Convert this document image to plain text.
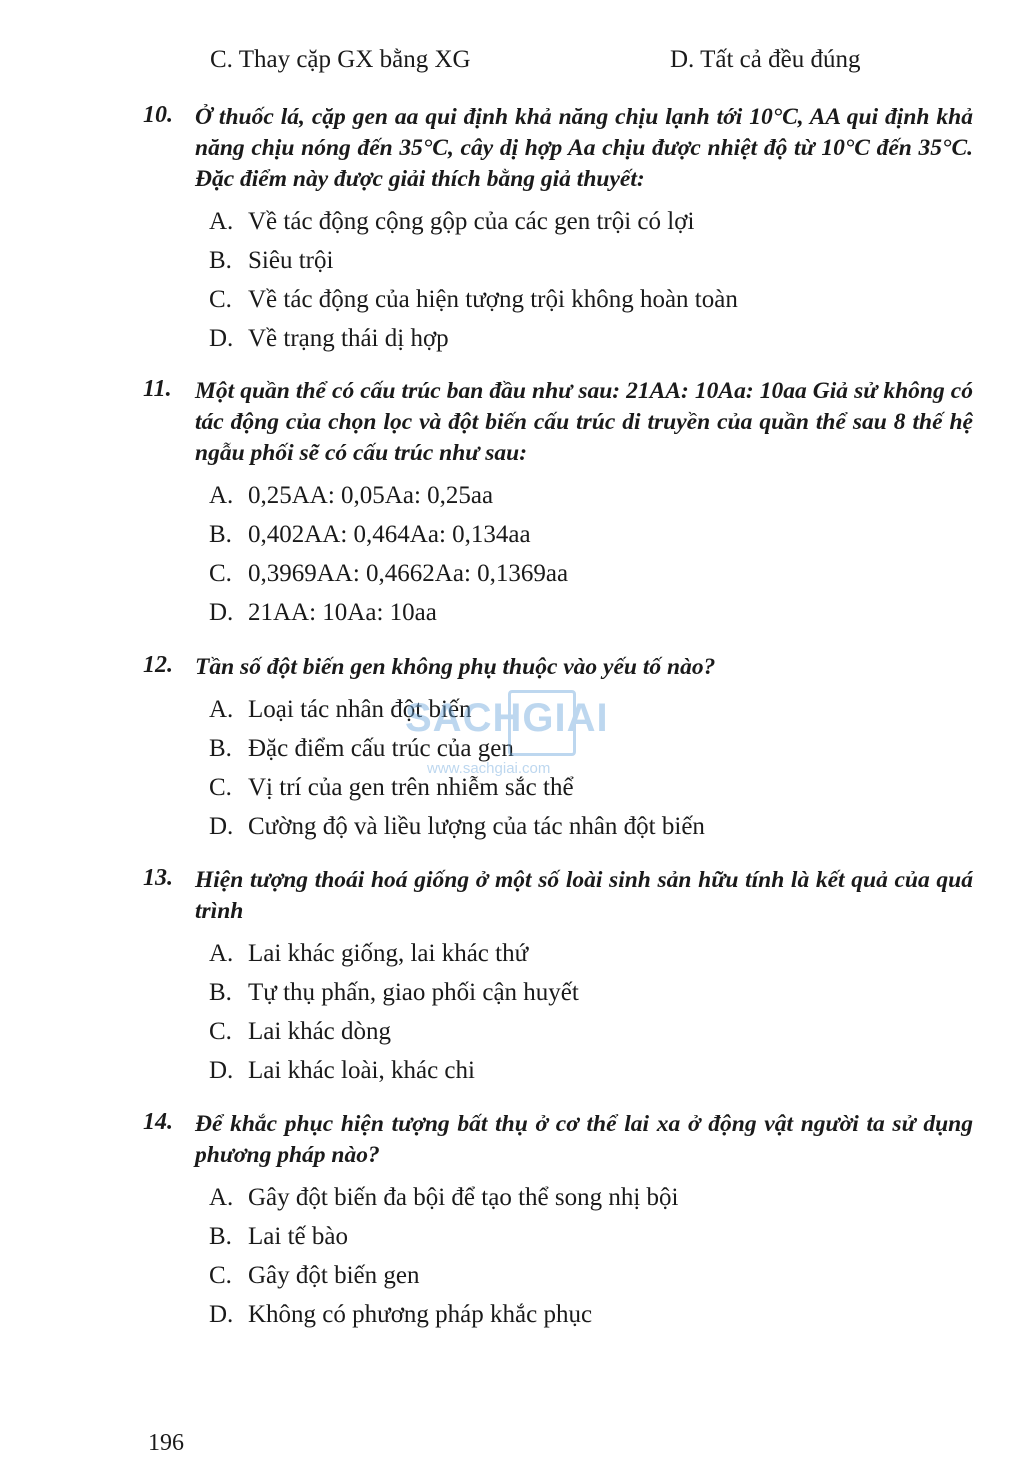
C. Thay cặp GX bằng XG	D. Tất cả đều đúng
10. Ở thuốc lá, cặp gen aa qui định khả năng chịu lạnh tới 10°C, AA qui định khả năng chịu nóng đến 35°C, cây dị hợp Aa chịu được nhiệt độ từ 10°C đến 35°C. Đặc điểm này được giải thích bằng giả thuyết:
A. Về tác động cộng gộp của các gen trội có lợi
B. Siêu trội
C. Về tác động của hiện tượng trội không hoàn toàn
D. Về trạng thái dị hợp
11. Một quần thể có cấu trúc ban đầu như sau: 21AA: 10Aa: 10aa Giả sử không có tác động của chọn lọc và đột biến cấu trúc di truyền của quần thể sau 8 thế hệ ngẫu phối sẽ có cấu trúc như sau:
A. 0,25AA: 0,05Aa: 0,25aa
B. 0,402AA: 0,464Aa: 0,134aa
C. 0,3969AA: 0,4662Aa: 0,1369aa
D. 21AA: 10Aa: 10aa
12. Tần số đột biến gen không phụ thuộc vào yếu tố nào?
A. Loại tác nhân đột biến
B. Đặc điểm cấu trúc của gen
C. Vị trí của gen trên nhiễm sắc thể
D. Cường độ và liều lượng của tác nhân đột biến
13. Hiện tượng thoái hoá giống ở một số loài sinh sản hữu tính là kết quả của quá trình
A. Lai khác giống, lai khác thứ
B. Tự thụ phấn, giao phối cận huyết
C. Lai khác dòng
D. Lai khác loài, khác chi
14. Để khắc phục hiện tượng bất thụ ở cơ thể lai xa ở động vật người ta sử dụng phương pháp nào?
A. Gây đột biến đa bội để tạo thể song nhị bội
B. Lai tế bào
C. Gây đột biến gen
D. Không có phương pháp khắc phục
SACHGIAI
www.sachgiai.com
196
